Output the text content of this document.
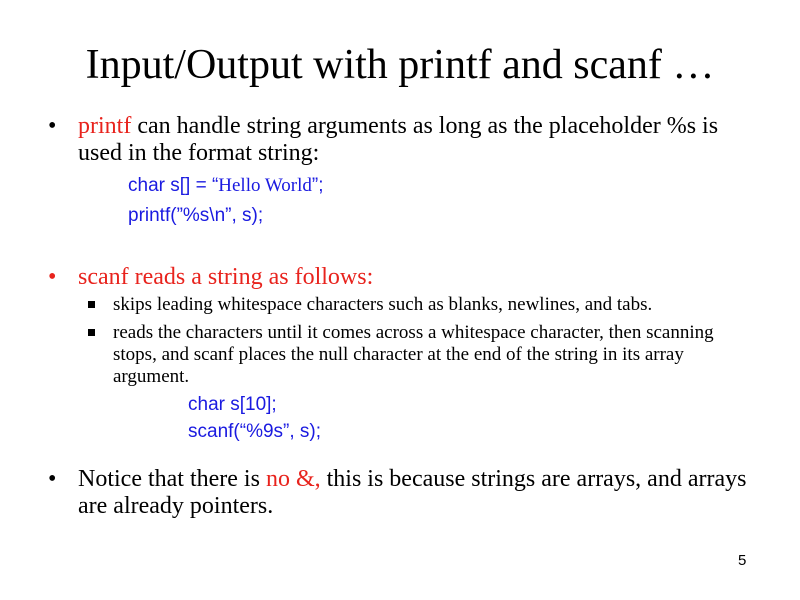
Input/Output with printf and scanf …
• printf can handle string arguments as long as the placeholder %s is used in the format string:
char s[] = “Hello World”;
printf(”%s\n”, s);
• scanf reads a string as follows:
skips leading whitespace characters such as blanks, newlines, and tabs.
reads the characters until it comes across a whitespace character, then scanning stops, and scanf places the null character at the end of the string in its array argument.
char s[10];
scanf(“%9s”, s);
• Notice that there is no &, this is because strings are arrays, and arrays are already pointers.
5
